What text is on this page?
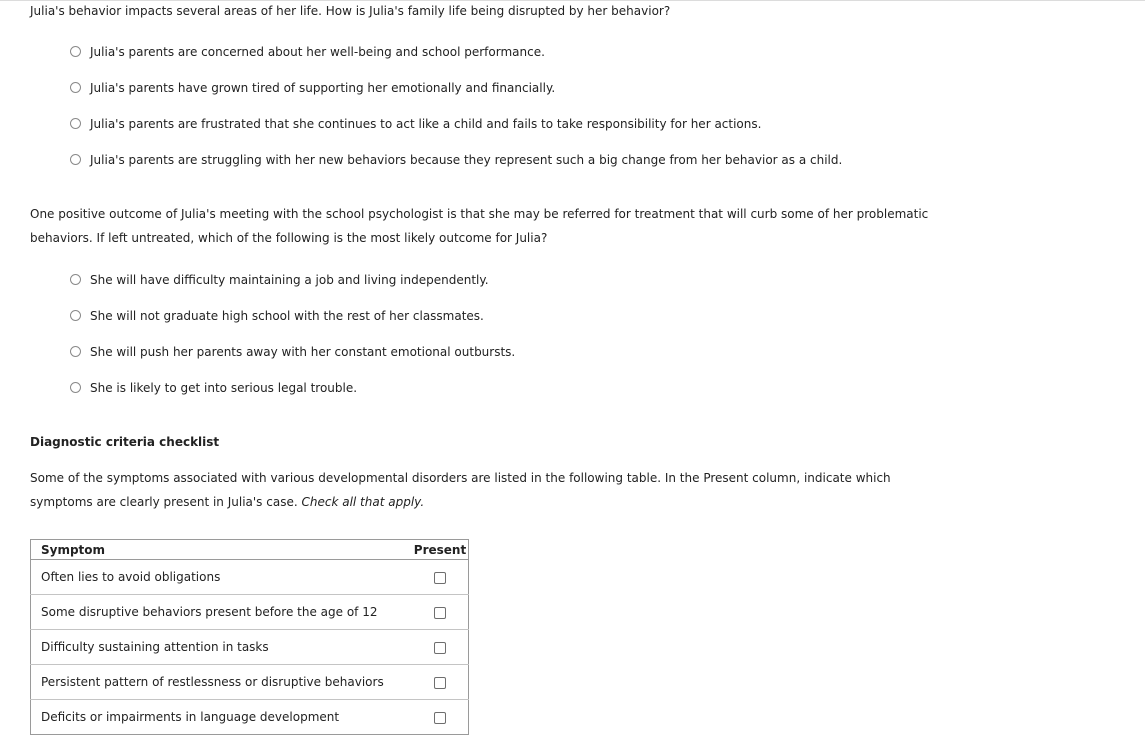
Julia's behavior impacts several areas of her life. How is Julia's family life being disrupted by her behavior?
Julia's parents are concerned about her well-being and school performance.
Julia's parents have grown tired of supporting her emotionally and financially.
Julia's parents are frustrated that she continues to act like a child and fails to take responsibility for her actions.
Julia's parents are struggling with her new behaviors because they represent such a big change from her behavior as a child.
One positive outcome of Julia's meeting with the school psychologist is that she may be referred for treatment that will curb some of her problematic
behaviors. If left untreated, which of the following is the most likely outcome for Julia?
She will have difficulty maintaining a job and living independently.
She will not graduate high school with the rest of her classmates.
She will push her parents away with her constant emotional outbursts.
She is likely to get into serious legal trouble.
Diagnostic criteria checklist
Some of the symptoms associated with various developmental disorders are listed in the following table. In the Present column, indicate which
symptoms are clearly present in Julia's case. Check all that apply.
Symptom	Present
Often lies to avoid obligations	
Some disruptive behaviors present before the age of 12	
Difficulty sustaining attention in tasks	
Persistent pattern of restlessness or disruptive behaviors	
Deficits or impairments in language development	
